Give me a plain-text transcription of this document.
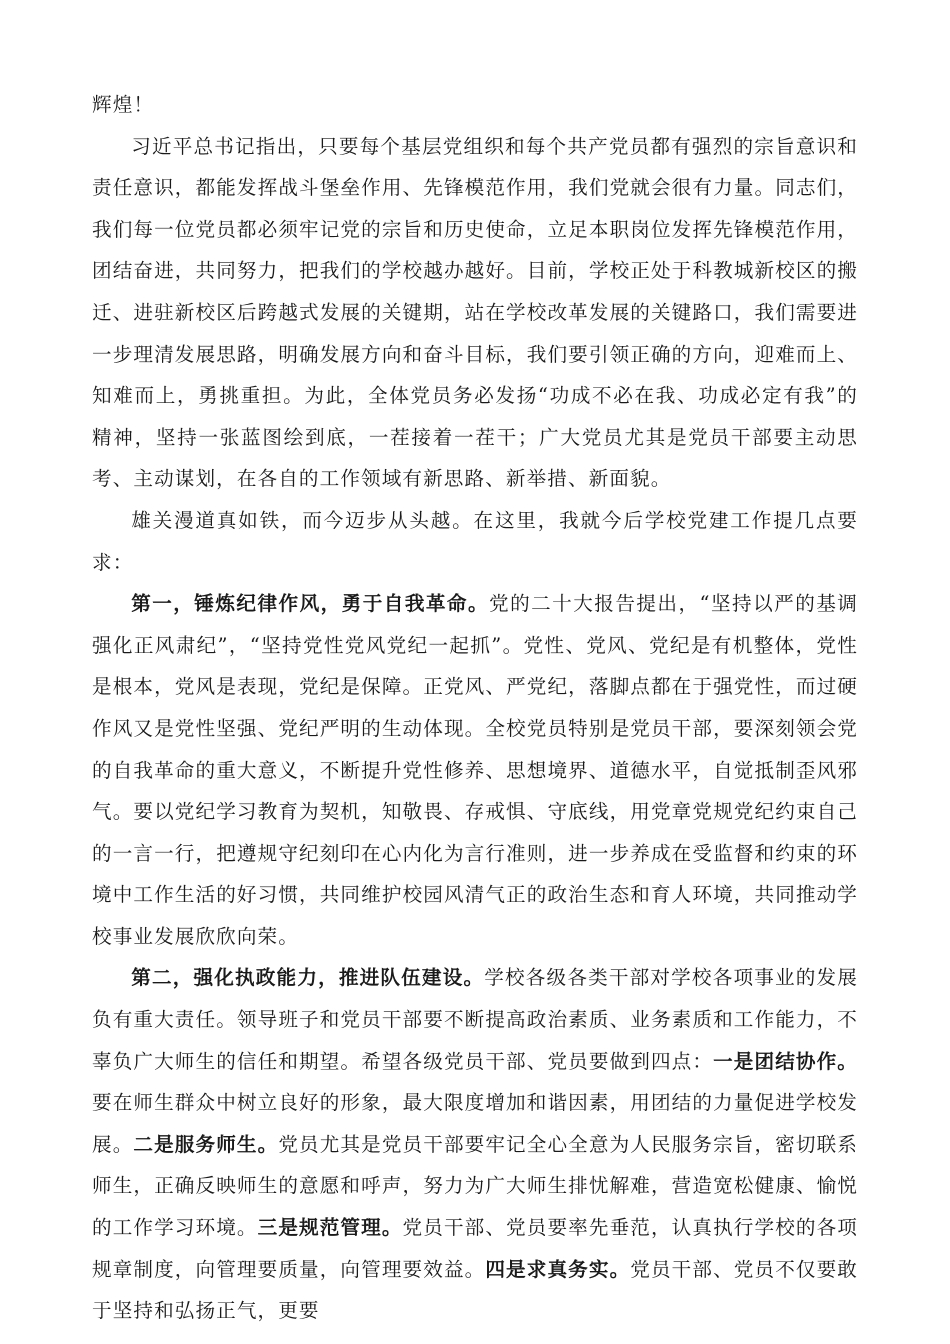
辉煌！

习近平总书记指出，只要每个基层党组织和每个共产党员都有强烈的宗旨意识和责任意识，都能发挥战斗堡垒作用、先锋模范作用，我们党就会很有力量。同志们，我们每一位党员都必须牢记党的宗旨和历史使命，立足本职岗位发挥先锋模范作用，团结奋进，共同努力，把我们的学校越办越好。目前，学校正处于科教城新校区的搬迁、进驻新校区后跨越式发展的关键期，站在学校改革发展的关键路口，我们需要进一步理清发展思路，明确发展方向和奋斗目标，我们要引领正确的方向，迎难而上、知难而上，勇挑重担。为此，全体党员务必发扬“功成不必在我、功成必定有我”的精神，坚持一张蓝图绘到底，一茬接着一茬干；广大党员尤其是党员干部要主动思考、主动谋划，在各自的工作领域有新思路、新举措、新面貌。

雄关漫道真如铁，而今迈步从头越。在这里，我就今后学校党建工作提几点要求：

第一，锤炼纪律作风，勇于自我革命。党的二十大报告提出，“坚持以严的基调强化正风肃纪”，“坚持党性党风党纪一起抓”。党性、党风、党纪是有机整体，党性是根本，党风是表现，党纪是保障。正党风、严党纪，落脚点都在于强党性，而过硬作风又是党性坚强、党纪严明的生动体现。全校党员特别是党员干部，要深刻领会党的自我革命的重大意义，不断提升党性修养、思想境界、道德水平，自觉抵制歪风邪气。要以党纪学习教育为契机，知敬畏、存戒惧、守底线，用党章党规党纪约束自己的一言一行，把遵规守纪刻印在心内化为言行准则，进一步养成在受监督和约束的环境中工作生活的好习惯，共同维护校园风清气正的政治生态和育人环境，共同推动学校事业发展欣欣向荣。

第二，强化执政能力，推进队伍建设。学校各级各类干部对学校各项事业的发展负有重大责任。领导班子和党员干部要不断提高政治素质、业务素质和工作能力，不辜负广大师生的信任和期望。希望各级党员干部、党员要做到四点：一是团结协作。要在师生群众中树立良好的形象，最大限度增加和谐因素，用团结的力量促进学校发展。二是服务师生。党员尤其是党员干部要牢记全心全意为人民服务宗旨，密切联系师生，正确反映师生的意愿和呼声，努力为广大师生排忧解难，营造宽松健康、愉悦的工作学习环境。三是规范管理。党员干部、党员要率先垂范，认真执行学校的各项规章制度，向管理要质量，向管理要效益。四是求真务实。党员干部、党员不仅要敢于坚持和弘扬正气，更要
